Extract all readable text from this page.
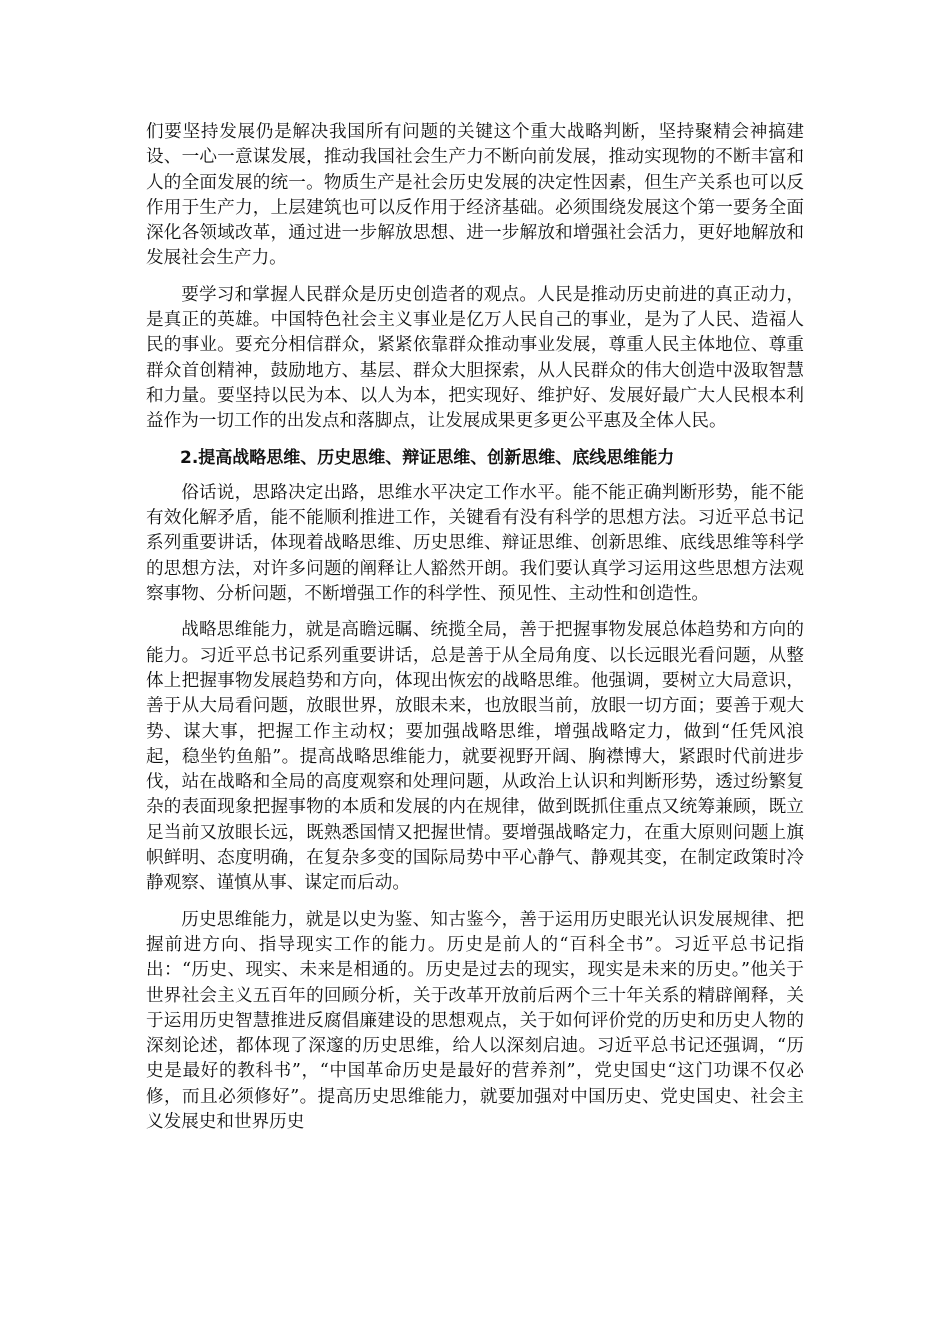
们要坚持发展仍是解决我国所有问题的关键这个重大战略判断，坚持聚精会神搞建设、一心一意谋发展，推动我国社会生产力不断向前发展，推动实现物的不断丰富和人的全面发展的统一。物质生产是社会历史发展的决定性因素，但生产关系也可以反作用于生产力，上层建筑也可以反作用于经济基础。必须围绕发展这个第一要务全面深化各领域改革，通过进一步解放思想、进一步解放和增强社会活力，更好地解放和发展社会生产力。

要学习和掌握人民群众是历史创造者的观点。人民是推动历史前进的真正动力，是真正的英雄。中国特色社会主义事业是亿万人民自己的事业，是为了人民、造福人民的事业。要充分相信群众，紧紧依靠群众推动事业发展，尊重人民主体地位、尊重群众首创精神，鼓励地方、基层、群众大胆探索，从人民群众的伟大创造中汲取智慧和力量。要坚持以民为本、以人为本，把实现好、维护好、发展好最广大人民根本利益作为一切工作的出发点和落脚点，让发展成果更多更公平惠及全体人民。

2.提高战略思维、历史思维、辩证思维、创新思维、底线思维能力

俗话说，思路决定出路，思维水平决定工作水平。能不能正确判断形势，能不能有效化解矛盾，能不能顺利推进工作，关键看有没有科学的思想方法。习近平总书记系列重要讲话，体现着战略思维、历史思维、辩证思维、创新思维、底线思维等科学的思想方法，对许多问题的阐释让人豁然开朗。我们要认真学习运用这些思想方法观察事物、分析问题，不断增强工作的科学性、预见性、主动性和创造性。

战略思维能力，就是高瞻远瞩、统揽全局，善于把握事物发展总体趋势和方向的能力。习近平总书记系列重要讲话，总是善于从全局角度、以长远眼光看问题，从整体上把握事物发展趋势和方向，体现出恢宏的战略思维。他强调，要树立大局意识，善于从大局看问题，放眼世界，放眼未来，也放眼当前，放眼一切方面；要善于观大势、谋大事，把握工作主动权；要加强战略思维，增强战略定力，做到“任凭风浪起，稳坐钓鱼船”。提高战略思维能力，就要视野开阔、胸襟博大，紧跟时代前进步伐，站在战略和全局的高度观察和处理问题，从政治上认识和判断形势，透过纷繁复杂的表面现象把握事物的本质和发展的内在规律，做到既抓住重点又统筹兼顾，既立足当前又放眼长远，既熟悉国情又把握世情。要增强战略定力，在重大原则问题上旗帜鲜明、态度明确，在复杂多变的国际局势中平心静气、静观其变，在制定政策时冷静观察、谨慎从事、谋定而后动。

历史思维能力，就是以史为鉴、知古鉴今，善于运用历史眼光认识发展规律、把握前进方向、指导现实工作的能力。历史是前人的“百科全书”。习近平总书记指出：“历史、现实、未来是相通的。历史是过去的现实，现实是未来的历史。”他关于世界社会主义五百年的回顾分析，关于改革开放前后两个三十年关系的精辟阐释，关于运用历史智慧推进反腐倡廉建设的思想观点，关于如何评价党的历史和历史人物的深刻论述，都体现了深邃的历史思维，给人以深刻启迪。习近平总书记还强调，“历史是最好的教科书”，“中国革命历史是最好的营养剂”，党史国史“这门功课不仅必修，而且必须修好”。提高历史思维能力，就要加强对中国历史、党史国史、社会主义发展史和世界历史
